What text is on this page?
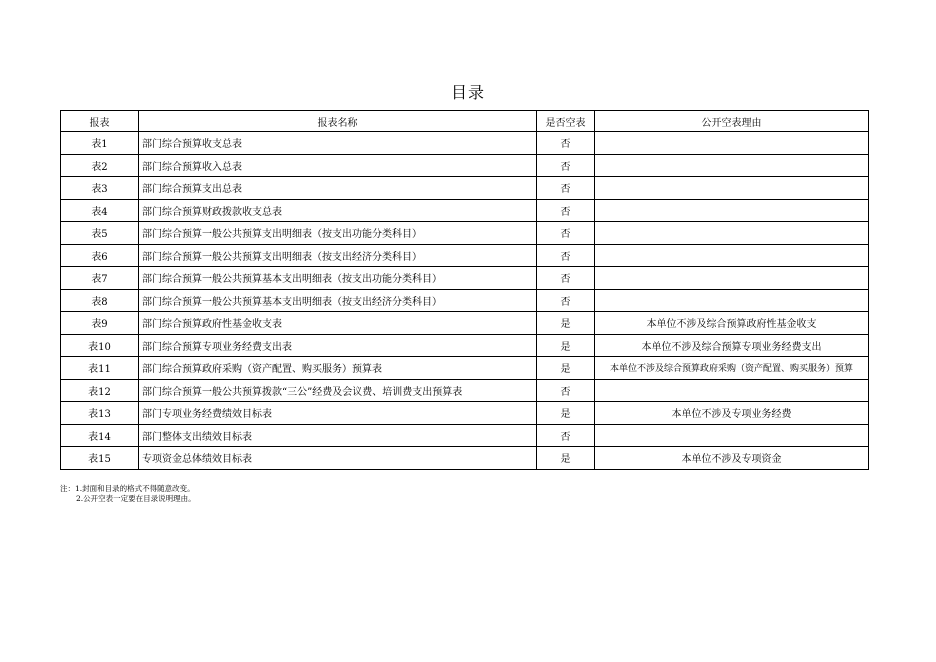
目录
报表	报表名称	是否空表	公开空表理由
表1	部门综合预算收支总表	否	
表2	部门综合预算收入总表	否	
表3	部门综合预算支出总表	否	
表4	部门综合预算财政拨款收支总表	否	
表5	部门综合预算一般公共预算支出明细表（按支出功能分类科目）	否	
表6	部门综合预算一般公共预算支出明细表（按支出经济分类科目）	否	
表7	部门综合预算一般公共预算基本支出明细表（按支出功能分类科目）	否	
表8	部门综合预算一般公共预算基本支出明细表（按支出经济分类科目）	否	
表9	部门综合预算政府性基金收支表	是	本单位不涉及综合预算政府性基金收支
表10	部门综合预算专项业务经费支出表	是	本单位不涉及综合预算专项业务经费支出
表11	部门综合预算政府采购（资产配置、购买服务）预算表	是	本单位不涉及综合预算政府采购（资产配置、购买服务）预算
表12	部门综合预算一般公共预算拨款“三公”经费及会议费、培训费支出预算表	否	
表13	部门专项业务经费绩效目标表	是	本单位不涉及专项业务经费
表14	部门整体支出绩效目标表	否	
表15	专项资金总体绩效目标表	是	本单位不涉及专项资金
注：1.封面和目录的格式不得随意改变。
2.公开空表一定要在目录说明理由。
